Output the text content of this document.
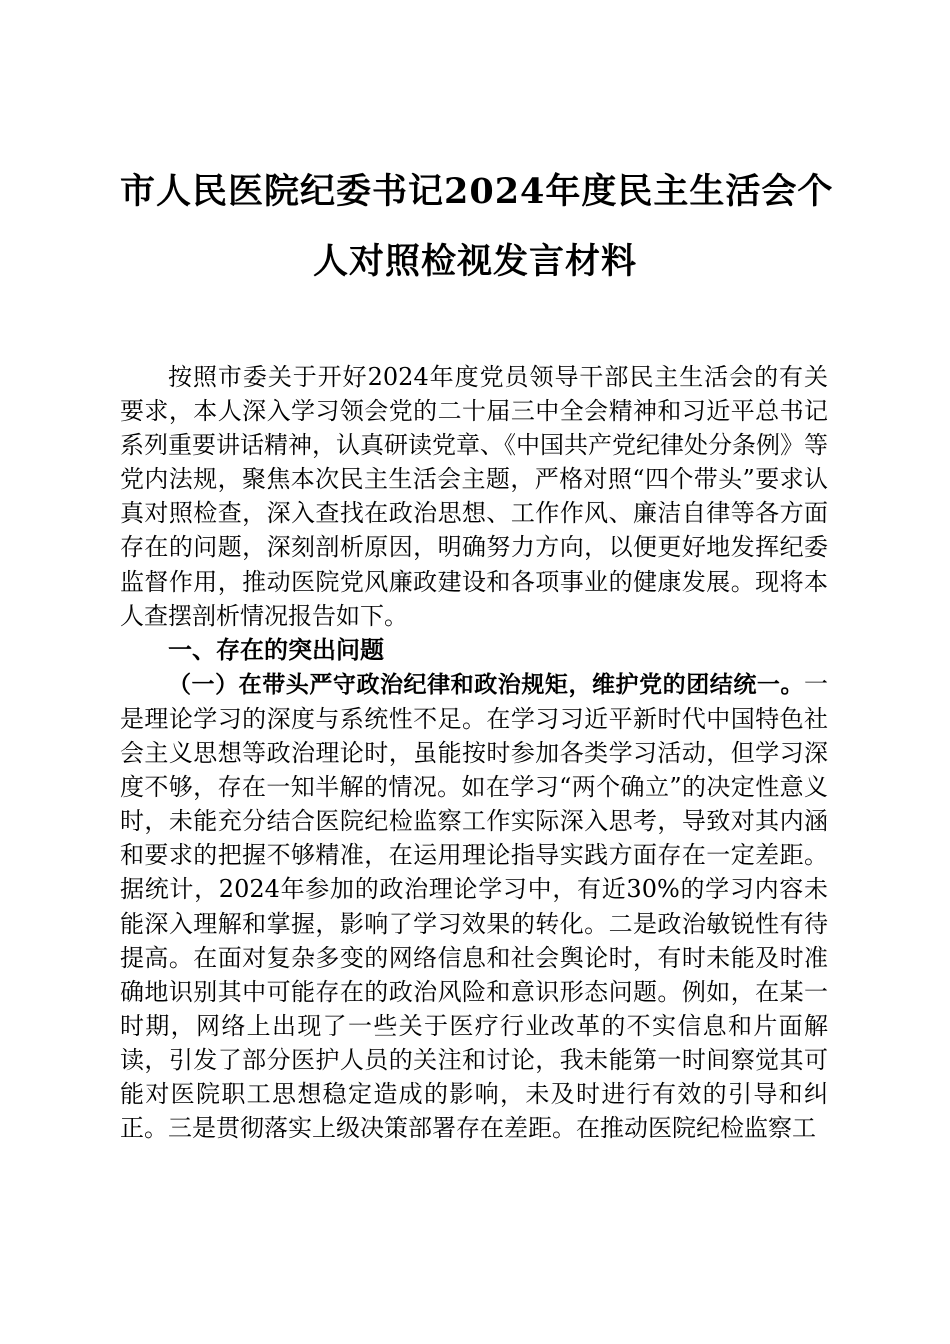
市人民医院纪委书记2024年度民主生活会个
人对照检视发言材料

按照市委关于开好2024年度党员领导干部民主生活会的有关要求，本人深入学习领会党的二十届三中全会精神和习近平总书记系列重要讲话精神，认真研读党章、《中国共产党纪律处分条例》等党内法规，聚焦本次民主生活会主题，严格对照“四个带头”要求认真对照检查，深入查找在政治思想、工作作风、廉洁自律等各方面存在的问题，深刻剖析原因，明确努力方向，以便更好地发挥纪委监督作用，推动医院党风廉政建设和各项事业的健康发展。现将本人查摆剖析情况报告如下。

一、存在的突出问题

（一）在带头严守政治纪律和政治规矩，维护党的团结统一。一是理论学习的深度与系统性不足。在学习习近平新时代中国特色社会主义思想等政治理论时，虽能按时参加各类学习活动，但学习深度不够，存在一知半解的情况。如在学习“两个确立”的决定性意义时，未能充分结合医院纪检监察工作实际深入思考，导致对其内涵和要求的把握不够精准，在运用理论指导实践方面存在一定差距。据统计，2024年参加的政治理论学习中，有近30%的学习内容未能深入理解和掌握，影响了学习效果的转化。二是政治敏锐性有待提高。在面对复杂多变的网络信息和社会舆论时，有时未能及时准确地识别其中可能存在的政治风险和意识形态问题。例如，在某一时期，网络上出现了一些关于医疗行业改革的不实信息和片面解读，引发了部分医护人员的关注和讨论，我未能第一时间察觉其可能对医院职工思想稳定造成的影响，未及时进行有效的引导和纠正。三是贯彻落实上级决策部署存在差距。在推动医院纪检监察工
